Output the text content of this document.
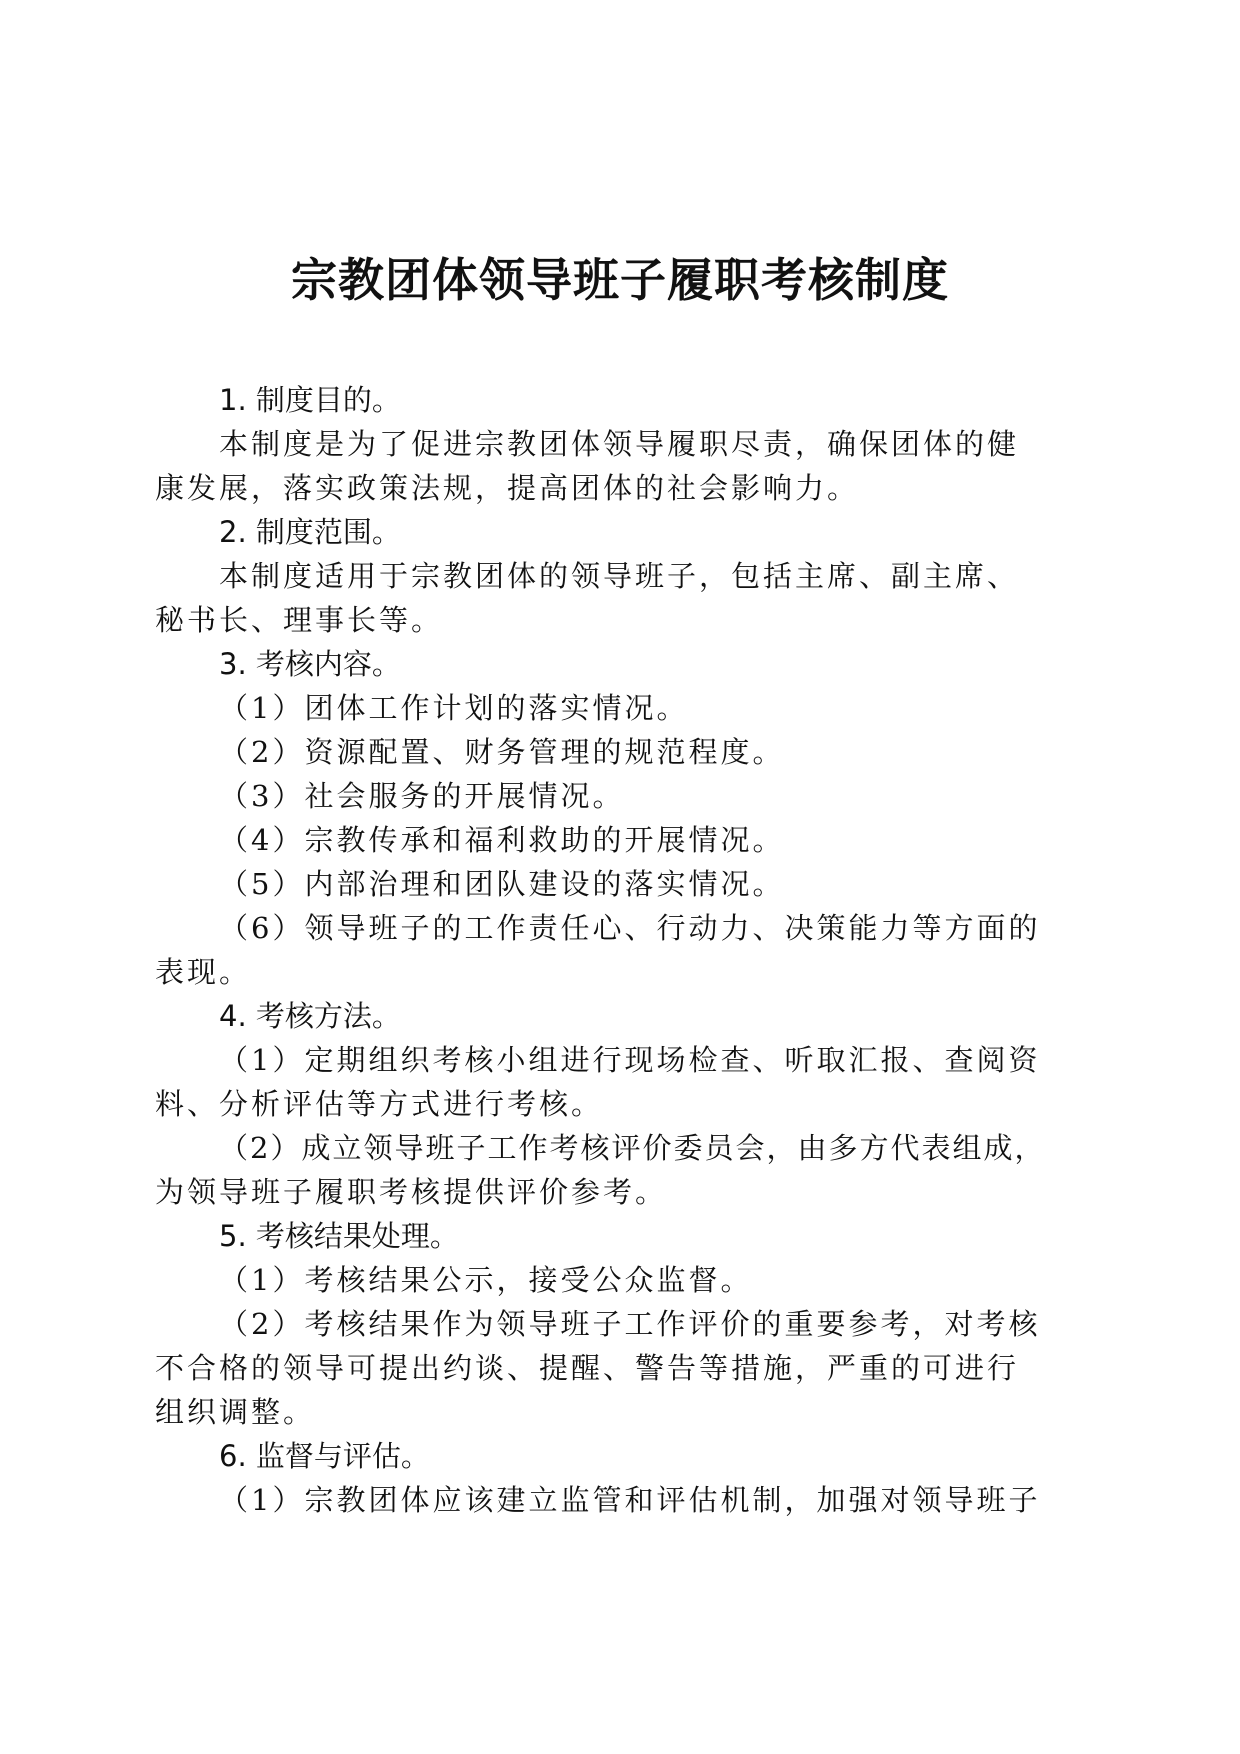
宗教团体领导班子履职考核制度
1. 制度目的。
本制度是为了促进宗教团体领导履职尽责，确保团体的健
康发展，落实政策法规，提高团体的社会影响力。
2. 制度范围。
本制度适用于宗教团体的领导班子，包括主席、副主席、
秘书长、理事长等。
3. 考核内容。
（1）团体工作计划的落实情况。
（2）资源配置、财务管理的规范程度。
（3）社会服务的开展情况。
（4）宗教传承和福利救助的开展情况。
（5）内部治理和团队建设的落实情况。
（6）领导班子的工作责任心、行动力、决策能力等方面的
表现。
4. 考核方法。
（1）定期组织考核小组进行现场检查、听取汇报、查阅资
料、分析评估等方式进行考核。
（2）成立领导班子工作考核评价委员会，由多方代表组成，
为领导班子履职考核提供评价参考。
5. 考核结果处理。
（1）考核结果公示，接受公众监督。
（2）考核结果作为领导班子工作评价的重要参考，对考核
不合格的领导可提出约谈、提醒、警告等措施，严重的可进行
组织调整。
6. 监督与评估。
（1）宗教团体应该建立监管和评估机制，加强对领导班子
